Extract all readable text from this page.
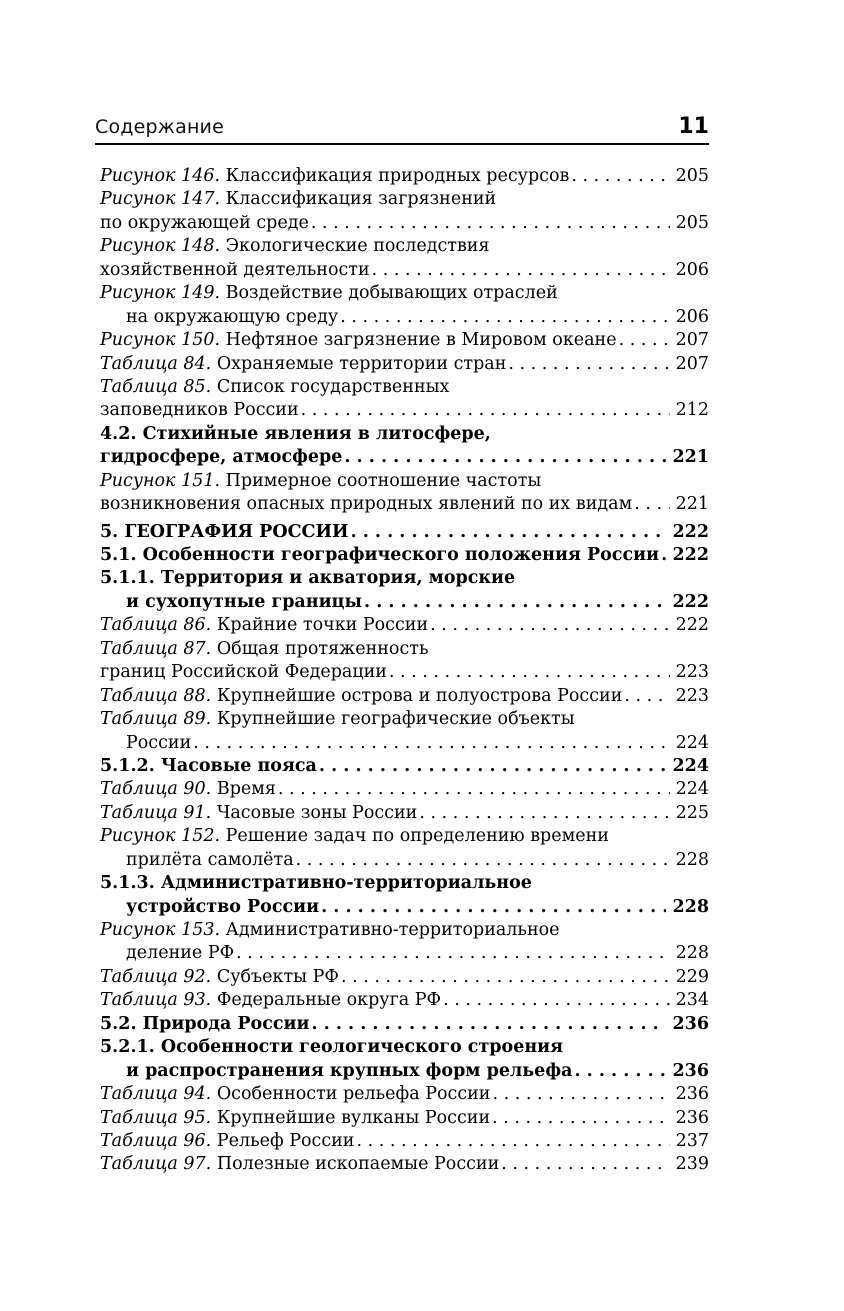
Содержание	11
Рисунок 146. Классификация природных ресурсов . . .	205
Рисунок 147. Классификация загрязнений
по окружающей среде . . .	205
Рисунок 148. Экологические последствия
хозяйственной деятельности . . .	206
Рисунок 149. Воздействие добывающих отраслей
на окружающую среду . . .	206
Рисунок 150. Нефтяное загрязнение в Мировом океане . . .	207
Таблица 84. Охраняемые территории стран . . .	207
Таблица 85. Список государственных
заповедников России . . .	212
4.2. Стихийные явления в литосфере,
гидросфере, атмосфере . . .	221
Рисунок 151. Примерное соотношение частоты
возникновения опасных природных явлений по их видам . . .	221
5. ГЕОГРАФИЯ РОССИИ . . .	222
5.1. Особенности географического положения России . . . 222
5.1.1. Территория и акватория, морские
и сухопутные границы . . .	222
Таблица 86. Крайние точки России . . .	222
Таблица 87. Общая протяженность
границ Российской Федерации . . .	223
Таблица 88. Крупнейшие острова и полуострова России . . .	223
Таблица 89. Крупнейшие географические объекты
России . . .	224
5.1.2. Часовые пояса . . .	224
Таблица 90. Время . . .	224
Таблица 91. Часовые зоны России . . .	225
Рисунок 152. Решение задач по определению времени
прилёта самолёта . . .	228
5.1.3. Административно-территориальное
устройство России . . .	228
Рисунок 153. Административно-территориальное
деление РФ . . .	228
Таблица 92. Субъекты РФ . . .	229
Таблица 93. Федеральные округа РФ . . .	234
5.2. Природа России . . .	236
5.2.1. Особенности геологического строения
и распространения крупных форм рельефа . . .	236
Таблица 94. Особенности рельефа России . . .	236
Таблица 95. Крупнейшие вулканы России . . .	236
Таблица 96. Рельеф России . . .	237
Таблица 97. Полезные ископаемые России . . .	239
